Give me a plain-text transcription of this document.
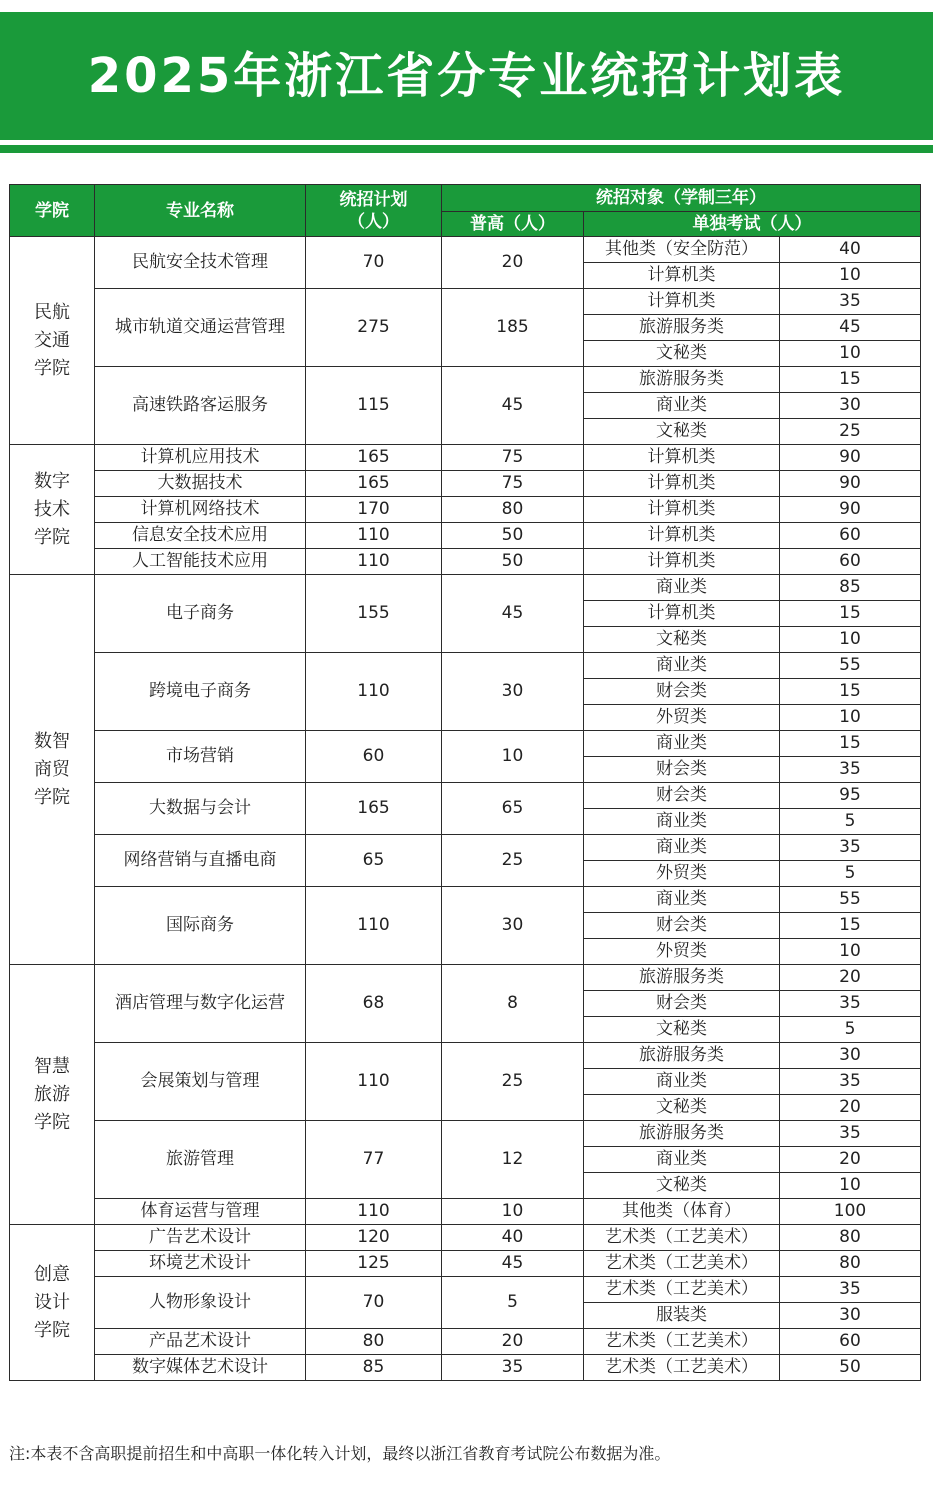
2025年浙江省分专业统招计划表
学院	专业名称	统招计划（人）	统招对象（学制三年）		
			普高（人）	单独考试（人）	
民航交通学院	民航安全技术管理	70	20	其他类（安全防范）	40
				计算机类	10
	城市轨道交通运营管理	275	185	计算机类	35
				旅游服务类	45
				文秘类	10
	高速铁路客运服务	115	45	旅游服务类	15
				商业类	30
				文秘类	25
数字技术学院	计算机应用技术	165	75	计算机类	90
	大数据技术	165	75	计算机类	90
	计算机网络技术	170	80	计算机类	90
	信息安全技术应用	110	50	计算机类	60
	人工智能技术应用	110	50	计算机类	60
数智商贸学院	电子商务	155	45	商业类	85
				计算机类	15
				文秘类	10
	跨境电子商务	110	30	商业类	55
				财会类	15
				外贸类	10
	市场营销	60	10	商业类	15
				财会类	35
	大数据与会计	165	65	财会类	95
				商业类	5
	网络营销与直播电商	65	25	商业类	35
				外贸类	5
	国际商务	110	30	商业类	55
				财会类	15
				外贸类	10
智慧旅游学院	酒店管理与数字化运营	68	8	旅游服务类	20
				财会类	35
				文秘类	5
	会展策划与管理	110	25	旅游服务类	30
				商业类	35
				文秘类	20
	旅游管理	77	12	旅游服务类	35
				商业类	20
				文秘类	10
	体育运营与管理	110	10	其他类（体育）	100
创意设计学院	广告艺术设计	120	40	艺术类（工艺美术）	80
	环境艺术设计	125	45	艺术类（工艺美术）	80
	人物形象设计	70	5	艺术类（工艺美术）	35
				服装类	30
	产品艺术设计	80	20	艺术类（工艺美术）	60
	数字媒体艺术设计	85	35	艺术类（工艺美术）	50
注:本表不含高职提前招生和中高职一体化转入计划，最终以浙江省教育考试院公布数据为准。
